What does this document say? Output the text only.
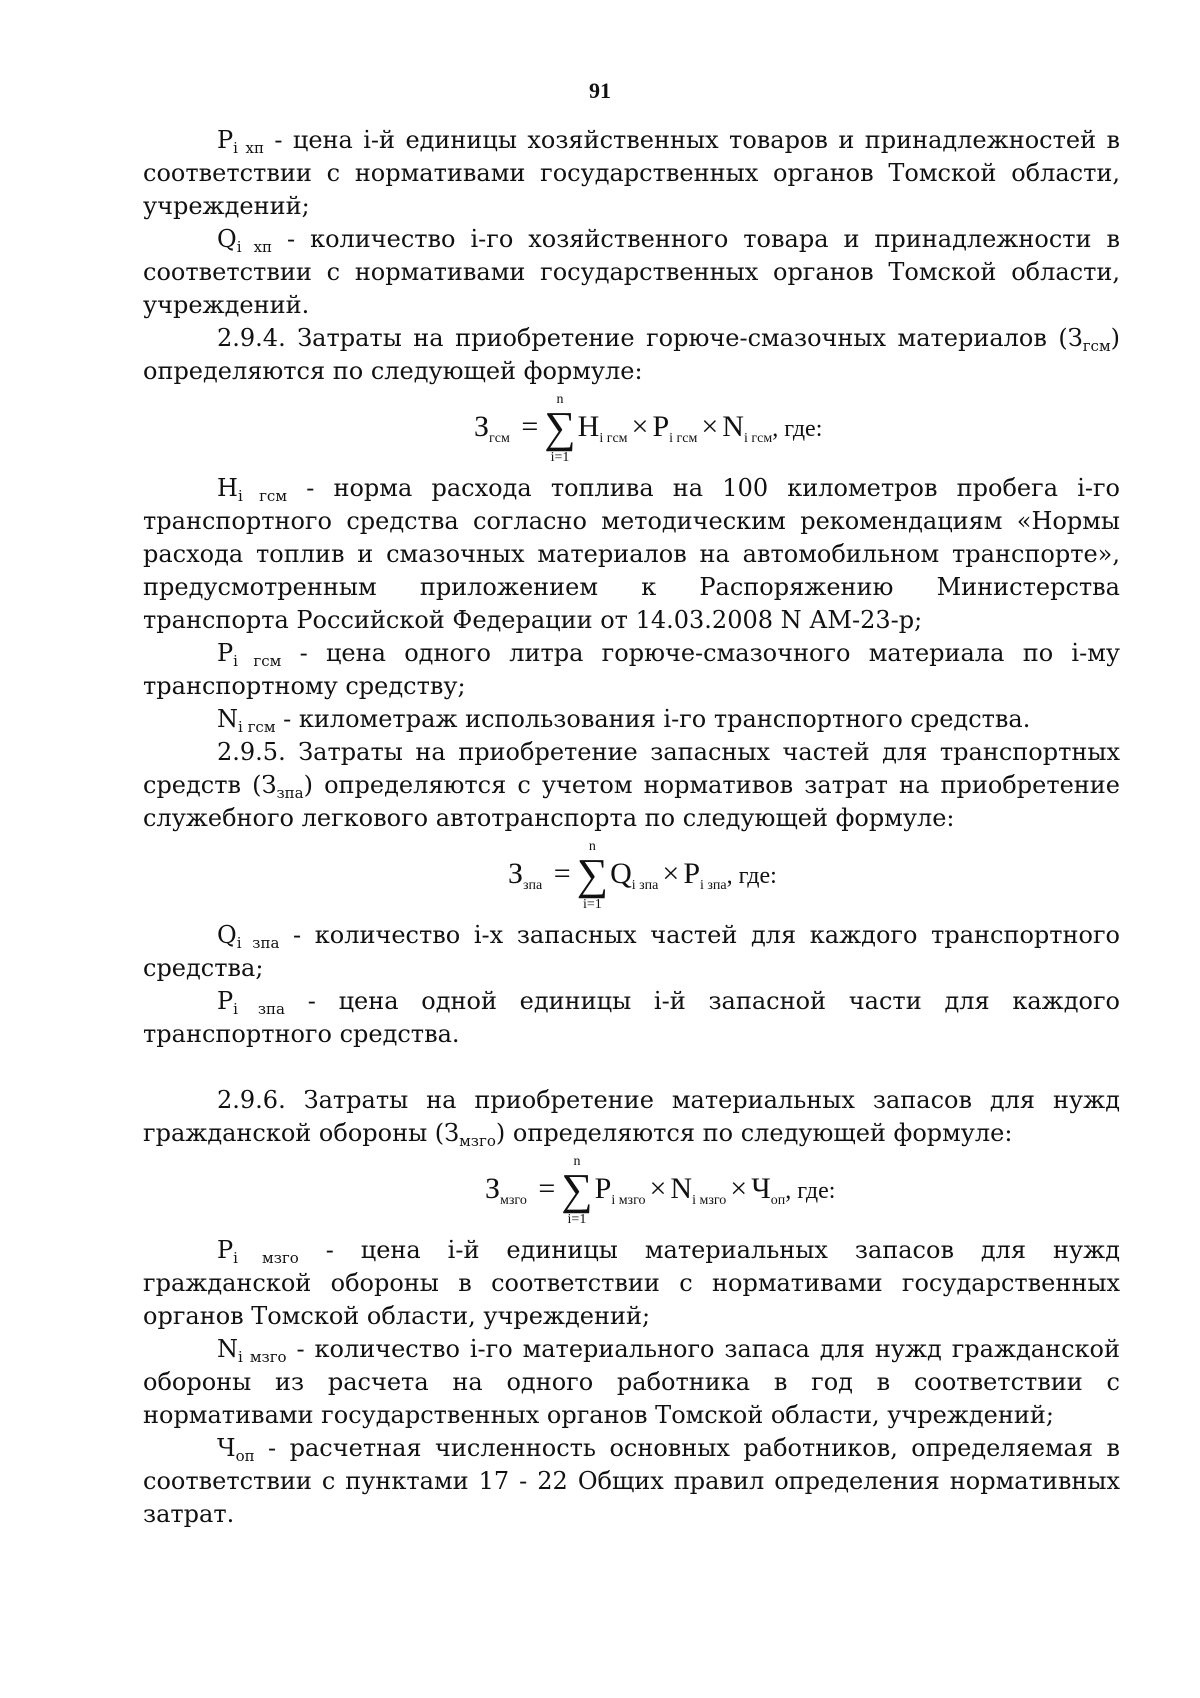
91

$P_{i хп}$ - цена i-й единицы хозяйственных товаров и принадлежностей в соответствии с нормативами государственных органов Томской области, учреждений;

$Q_{i хп}$ - количество i-го хозяйственного товара и принадлежности в соответствии с нормативами государственных органов Томской области, учреждений.

2.9.4. Затраты на приобретение горюче-смазочных материалов $(З_{гсм})$ определяются по следующей формуле:

$З_{гсм}$ = ∑
n
i=1
$H_{i гсм} \times P_{i гсм} \times N_{i гсм}$, где:

$H_{i гсм}$ - норма расхода топлива на 100 километров пробега i-го транспортного средства согласно методическим рекомендациям «Нормы расхода топлив и смазочных материалов на автомобильном транспорте», предусмотренным приложением к Распоряжению Министерства транспорта Российской Федерации от 14.03.2008 N АМ-23-р;

$P_{i гсм}$ - цена одного литра горюче-смазочного материала по i-му транспортному средству;

$N_{i гсм}$ - километраж использования i-го транспортного средства.

2.9.5. Затраты на приобретение запасных частей для транспортных средств $(З_{зпа})$ определяются с учетом нормативов затрат на приобретение служебного легкового автотранспорта по следующей формуле:

$З_{зпа}$ = ∑
n
i=1
$Q_{i зпа} \times P_{i зпа}$, где:

$Q_{i зпа}$ - количество i-х запасных частей для каждого транспортного средства;

$P_{i зпа}$ - цена одной единицы i-й запасной части для каждого транспортного средства.

2.9.6. Затраты на приобретение материальных запасов для нужд гражданской обороны $(З_{мзго})$ определяются по следующей формуле:

$З_{мзго}$ = ∑
n
i=1
$P_{i мзго} \times N_{i мзго} \times Ч_{оп}$, где:

$P_{i мзго}$ - цена i-й единицы материальных запасов для нужд гражданской обороны в соответствии с нормативами государственных органов Томской области, учреждений;

$N_{i мзго}$ - количество i-го материального запаса для нужд гражданской обороны из расчета на одного работника в год в соответствии с нормативами государственных органов Томской области, учреждений;

$Ч_{оп}$ - расчетная численность основных работников, определяемая в соответствии с пунктами 17 - 22 Общих правил определения нормативных затрат.
